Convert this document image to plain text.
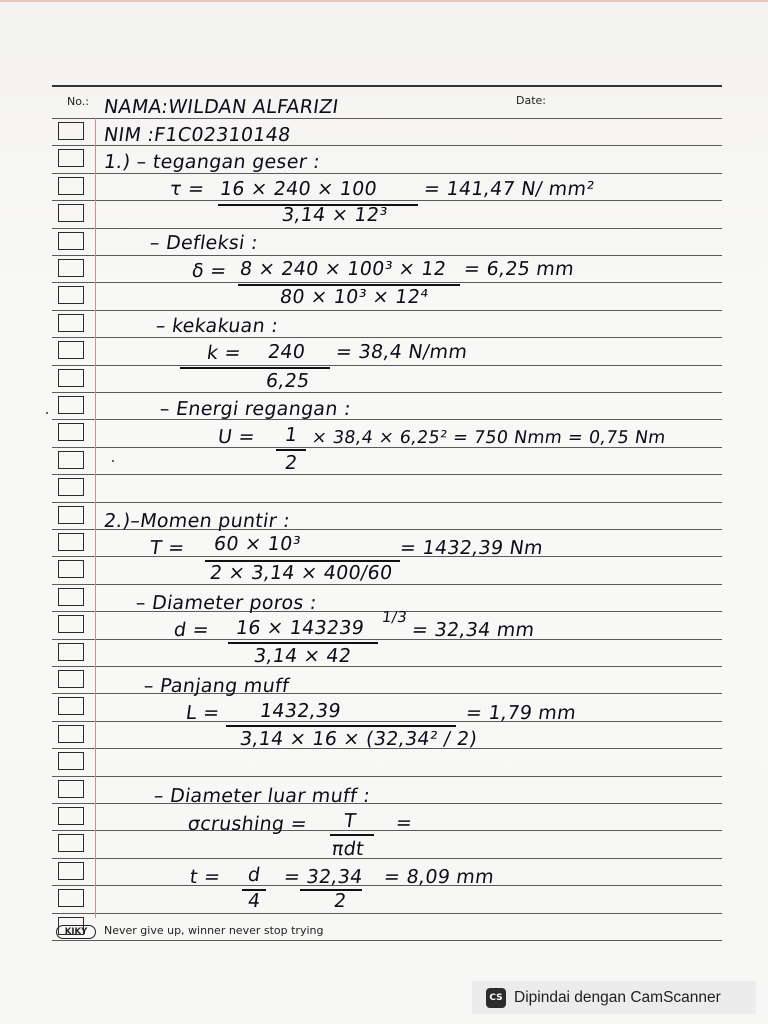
No.:	Date:
NAMA:WILDAN ALFARIZI
NIM :F1C02310148
1.) – tegangan geser :
τ = 16 × 240 × 100
3,14 × 12³
= 141,47 N/ mm²
– Defleksi :
δ = 8 × 240 × 100³ × 12
80 × 10³ × 12⁴
= 6,25 mm
– kekakuan :
k = 240
6,25
= 38,4 N/mm
– Energi regangan :
U = 1
2
× 38,4 × 6,25² = 750 Nmm = 0,75 Nm
2.)–Momen puntir :
T = 60 × 10³
2 × 3,14 × 400/60
= 1432,39 Nm
– Diameter poros :
d = 16 × 143239 1/3
3,14 × 42
= 32,34 mm
– Panjang muff
L = 1432,39
3,14 × 16 × (32,34² / 2)
= 1,79 mm
– Diameter luar muff :
σcrushing = T
πdt
=
t = d
4
= 32,34
2
= 8,09 mm
KIKY	Never give up, winner never stop trying
CS Dipindai dengan CamScanner
